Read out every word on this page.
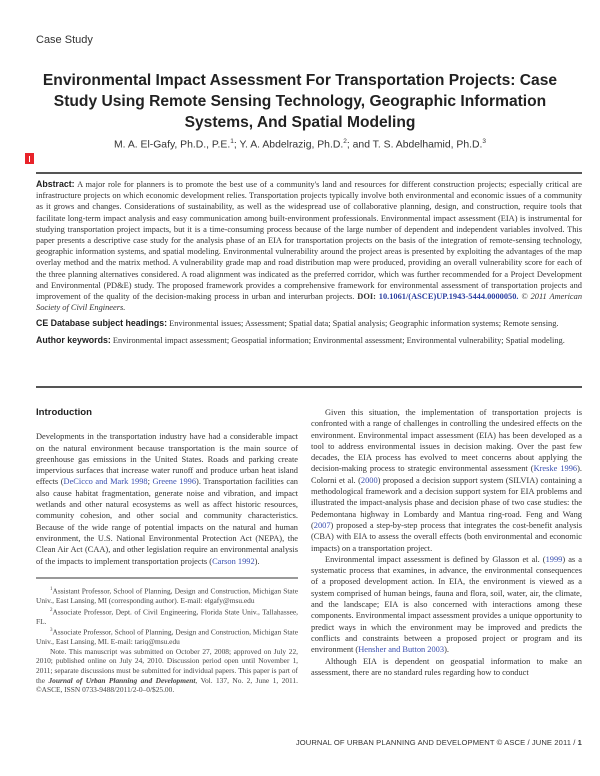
Case Study
Environmental Impact Assessment For Transportation Projects: Case Study Using Remote Sensing Technology, Geographic Information Systems, And Spatial Modeling
M. A. El-Gafy, Ph.D., P.E.$^1$; Y. A. Abdelrazig, Ph.D.$^2$; and T. S. Abdelhamid, Ph.D.$^3$

Abstract: A major role for planners is to promote the best use of a community's land and resources for different construction projects; especially critical are infrastructure projects on which economic development relies. Transportation projects typically involve both environmental and economic issues of a community as it grows and changes. Considerations of sustainability, as well as the widespread use of collaborative planning, design, and construction, require tools that facilitate long-term impact analysis and easy communication among built-environment professionals. Environmental impact assessment (EIA) is instrumental for studying transportation project impacts, but it is a time-consuming process because of the large number of dependent and independent variables involved. This paper presents a descriptive case study for the analysis phase of an EIA for transportation projects on the basis of the integration of remote-sensing technology, geographic information systems, and spatial modeling. Environmental vulnerability around the project areas is presented by exploiting the advantages of the map overlay method and the matrix method. A vulnerability grade map and road distribution map were produced, providing an overall vulnerability score for each of the three planning alternatives considered. A road alignment was indicated as the preferred corridor, which was further recommended for a Project Development and Environmental (PD&E) study. The proposed framework provides a comprehensive framework for environmental assessment of transportation projects and improvement of the quality of the decision-making process in urban and interurban projects. DOI: 10.1061/(ASCE)UP.1943-5444.0000050. © 2011 American Society of Civil Engineers.

CE Database subject headings: Environmental issues; Assessment; Spatial data; Spatial analysis; Geographic information systems; Remote sensing.

Author keywords: Environmental impact assessment; Geospatial information; Environmental assessment; Environmental vulnerability; Spatial modeling.

Introduction

Developments in the transportation industry have had a considerable impact on the natural environment because transportation is the main source of greenhouse gas emissions in the United States. Roads and parking create impervious surfaces that increase water runoff and produce urban heat island effects (DeCicco and Mark 1998; Greene 1996). Transportation facilities can also cause habitat fragmentation, generate noise and vibration, and impact wetlands and other natural ecosystems as well as affect historic resources, community cohesion, and other social and community characteristics. Because of the wide range of potential impacts on the natural and human environment, the U.S. National Environmental Protection Act (NEPA), the Clean Air Act (CAA), and other legislation require an environmental analysis of the impacts to implement transportation projects (Carson 1992).

$^1$Assistant Professor, School of Planning, Design and Construction, Michigan State Univ., East Lansing, MI (corresponding author). E-mail: elgafy@msu.edu

$^2$Associate Professor, Dept. of Civil Engineering, Florida State Univ., Tallahassee, FL.

$^3$Associate Professor, School of Planning, Design and Construction, Michigan State Univ., East Lansing, MI. E-mail: tariq@msu.edu

Note. This manuscript was submitted on October 27, 2008; approved on July 22, 2010; published online on July 24, 2010. Discussion period open until November 1, 2011; separate discussions must be submitted for individual papers. This paper is part of the Journal of Urban Planning and Development, Vol. 137, No. 2, June 1, 2011. ©ASCE, ISSN 0733-9488/2011/2-0–0/$25.00.

Given this situation, the implementation of transportation projects is confronted with a range of challenges in controlling the undesired effects on the environment. Environmental impact assessment (EIA) has been developed as a tool to address environmental issues in decision making. Over the past few decades, the EIA process has evolved to meet concerns about applying the decision-making process to strategic environmental assessment (Kreske 1996). Colorni et al. (2000) proposed a decision support system (SILVIA) containing a methodological framework and a decision support system for EIA problems and illustrated the impact-analysis phase and decision phase of two case studies: the Pedemontana highway in Lombardy and Mantua ring-road. Feng and Wang (2007) proposed a step-by-step process that integrates the cost-benefit analysis (CBA) with EIA to assess the overall effects (both environmental and economic impacts) on a transportation project.

Environmental impact assessment is defined by Glasson et al. (1999) as a systematic process that examines, in advance, the environmental consequences of a proposed development action. In EIA, the environment is viewed as a system comprised of human beings, fauna and flora, soil, water, air, the climate, and the landscape; EIA is also concerned with interactions among these components. Environmental impact assessment provides a unique opportunity to predict ways in which the environment may be improved and predicts the conflicts and constraints between a proposed project or program and its environment (Hensher and Button 2003).

Although EIA is dependent on geospatial information to make an assessment, there are no standard rules regarding how to conduct

JOURNAL OF URBAN PLANNING AND DEVELOPMENT © ASCE / JUNE 2011 / 1
